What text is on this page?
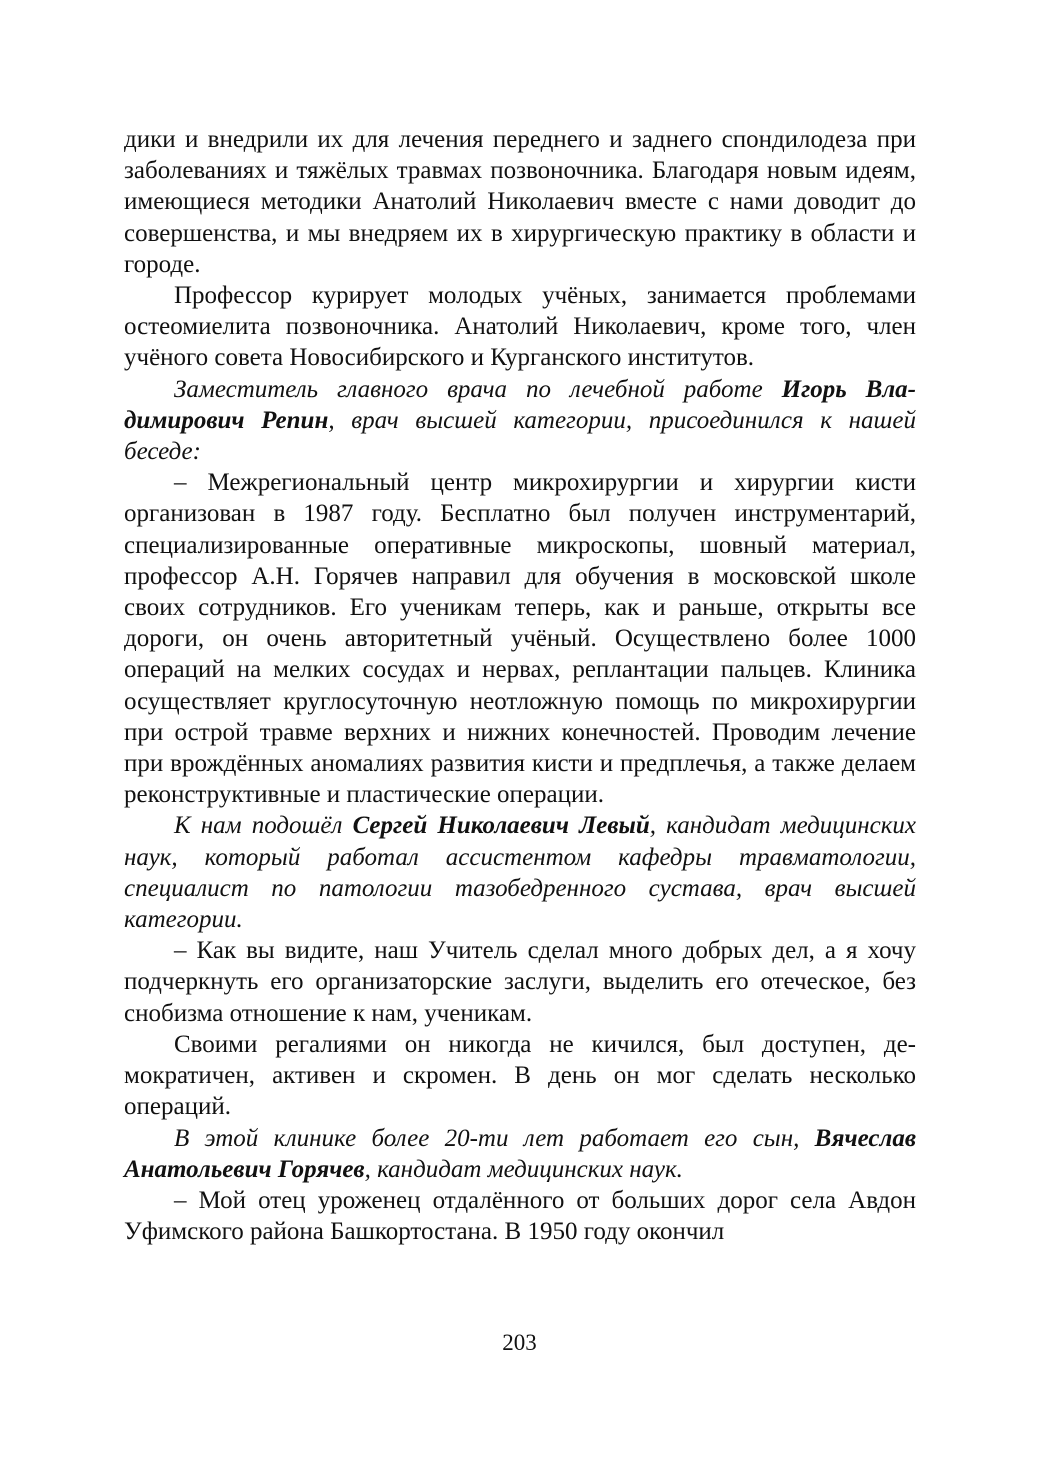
дики и внедрили их для лечения переднего и заднего спондилодеза при заболеваниях и тяжёлых травмах позвоночника. Благодаря новым идеям, имеющиеся методики Анатолий Николаевич вместе с нами доводит до совершенства, и мы внедряем их в хирургическую практику в области и городе.

Профессор курирует молодых учёных, занимается проблемами остеомиелита позвоночника. Анатолий Николаевич, кроме того, член учёного совета Новосибирского и Курганского институтов.

Заместитель главного врача по лечебной работе Игорь Владимирович Репин, врач высшей категории, присоединился к нашей беседе:

– Межрегиональный центр микрохирургии и хирургии кисти организован в 1987 году. Бесплатно был получен инструментарий, специализированные оперативные микроскопы, шовный материал, профессор А.Н. Горячев направил для обучения в московской школе своих сотрудников. Его ученикам теперь, как и раньше, открыты все дороги, он очень авторитетный учёный. Осуществлено более 1000 операций на мелких сосудах и нервах, реплантации пальцев. Клиника осуществляет круглосуточную неотложную помощь по микрохирургии при острой травме верхних и нижних конечностей. Проводим лечение при врождённых аномалиях развития кисти и предплечья, а также делаем реконструктивные и пластические операции.

К нам подошёл Сергей Николаевич Левый, кандидат медицинских наук, который работал ассистентом кафедры травматологии, специалист по патологии тазобедренного сустава, врач высшей категории.

– Как вы видите, наш Учитель сделал много добрых дел, а я хочу подчеркнуть его организаторские заслуги, выделить его отеческое, без снобизма отношение к нам, ученикам.

Своими регалиями он никогда не кичился, был доступен, демократичен, активен и скромен. В день он мог сделать несколько операций.

В этой клинике более 20-ти лет работает его сын, Вячеслав Анатольевич Горячев, кандидат медицинских наук.

– Мой отец уроженец отдалённого от больших дорог села Авдон Уфимского района Башкортостана. В 1950 году окончил

203
